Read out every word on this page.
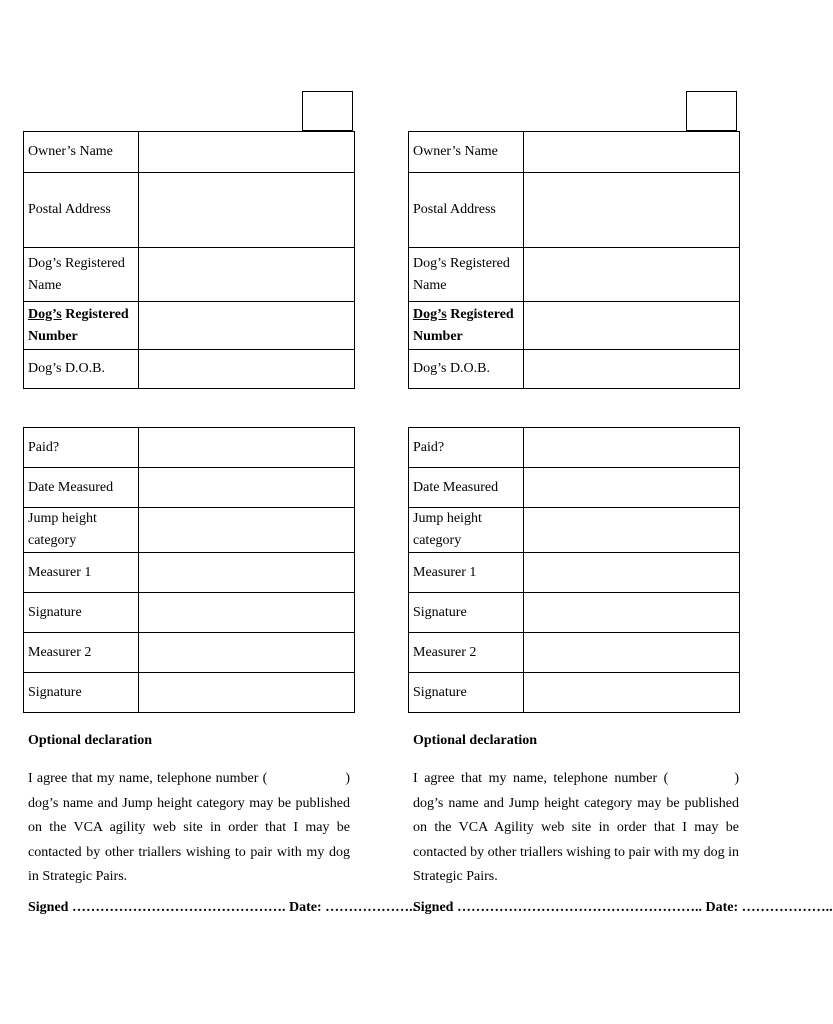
Owner’s Name	
Postal Address	
Dog’s Registered Name	
Dog’s Registered Number	
Dog’s D.O.B.	
Paid?	
Date Measured	
Jump height category	
Measurer 1	
Signature	
Measurer 2	
Signature	
Optional declaration
I agree that my name, telephone number (	) dog’s name and Jump height category may be published on the VCA agility web site in order that I may be contacted by other triallers wishing to pair with my dog in Strategic Pairs.
Signed ………………………………………. Date: ………………..
Owner’s Name	
Postal Address	
Dog’s Registered Name	
Dog’s Registered Number	
Dog’s D.O.B.	
Paid?	
Date Measured	
Jump height category	
Measurer 1	
Signature	
Measurer 2	
Signature	
Optional declaration
I agree that my name, telephone number (	) dog’s name and Jump height category may be published on the VCA Agility web site in order that I may be contacted by other triallers wishing to pair with my dog in Strategic Pairs.
Signed …………………………………………….. Date: ………………..
